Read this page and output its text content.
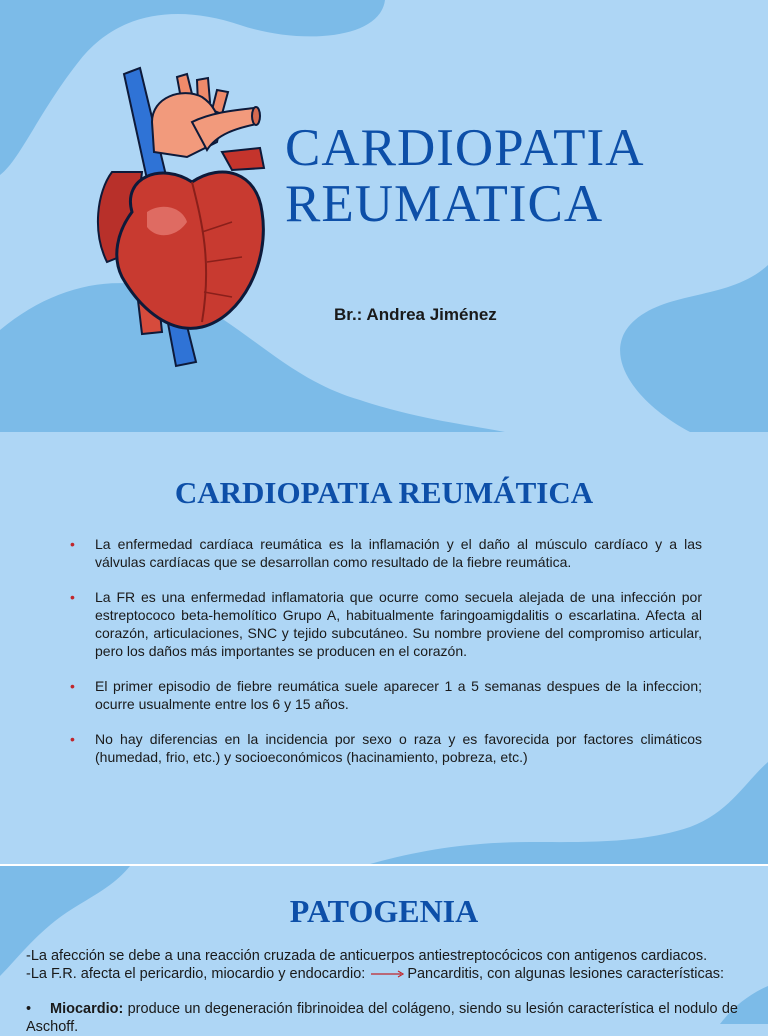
CARDIOPATIA
REUMATICA

Br.: Andrea Jiménez

CARDIOPATIA REUMÁTICA
• La enfermedad cardíaca reumática es la inflamación y el daño al músculo cardíaco y a las válvulas cardíacas que se desarrollan como resultado de la fiebre reumática.
• La FR es una enfermedad inflamatoria que ocurre como secuela alejada de una infección por estreptococo beta-hemolítico Grupo A, habitualmente faringoamigdalitis o escarlatina. Afecta al corazón, articulaciones, SNC y tejido subcutáneo. Su nombre proviene del compromiso articular, pero los daños más importantes se producen en el corazón.
• El primer episodio de fiebre reumática suele aparecer 1 a 5 semanas despues de la infeccion; ocurre usualmente entre los 6 y 15 años.
• No hay diferencias en la incidencia por sexo o raza y es favorecida por factores climáticos (humedad, frio, etc.) y socioeconómicos (hacinamiento, pobreza, etc.)
PATOGENIA

-La afección se debe a una reacción cruzada de anticuerpos antiestreptocócicos con antigenos cardiacos.

-La F.R. afecta el pericardio, miocardio y endocardio:	Pancarditis, con algunas lesiones características:

• Miocardio: produce un degeneración fibrinoidea del colágeno, siendo su lesión característica el nodulo de Aschoff.
